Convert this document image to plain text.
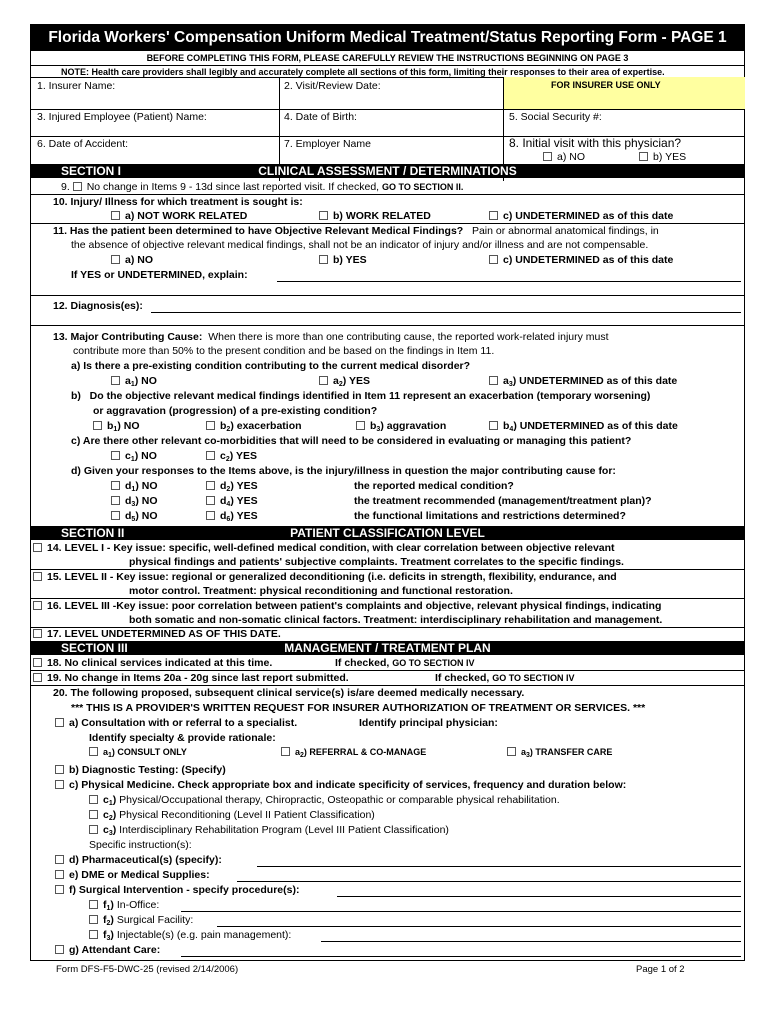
Florida Workers' Compensation Uniform Medical Treatment/Status Reporting Form - PAGE 1
BEFORE COMPLETING THIS FORM, PLEASE CAREFULLY REVIEW THE INSTRUCTIONS BEGINNING ON PAGE 3
NOTE: Health care providers shall legibly and accurately complete all sections of this form, limiting their responses to their area of expertise.
FOR INSURER USE ONLY
1. Insurer Name:	2. Visit/Review Date:
3. Injured Employee (Patient) Name:	4. Date of Birth:	5. Social Security #:
6. Date of Accident:	7. Employer Name	8. Initial visit with this physician?
a) NO	b) YES
SECTION I	CLINICAL ASSESSMENT / DETERMINATIONS
9. No change in Items 9 - 13d since last reported visit. If checked, GO TO SECTION II.
10. Injury/ Illness for which treatment is sought is:
a) NOT WORK RELATED	b) WORK RELATED	c) UNDETERMINED as of this date
11. Has the patient been determined to have Objective Relevant Medical Findings? Pain or abnormal anatomical findings, in
the absence of objective relevant medical findings, shall not be an indicator of injury and/or illness and are not compensable.
a) NO	b) YES	c) UNDETERMINED as of this date
If YES or UNDETERMINED, explain:
12. Diagnosis(es):
13. Major Contributing Cause: When there is more than one contributing cause, the reported work-related injury must
contribute more than 50% to the present condition and be based on the findings in Item 11.
a) Is there a pre-existing condition contributing to the current medical disorder?
$a_1$) NO	$a_2$) YES	$a_3$) UNDETERMINED as of this date
b)   Do the objective relevant medical findings identified in Item 11 represent an exacerbation (temporary worsening)
or aggravation (progression) of a pre-existing condition?
$b_1$) NO	$b_2$) exacerbation	$b_3$) aggravation	$b_4$) UNDETERMINED as of this date
c) Are there other relevant co-morbidities that will need to be considered in evaluating or managing this patient?
$c_1$) NO	$c_2$) YES
d) Given your responses to the Items above, is the injury/illness in question the major contributing cause for:
$d_1$) NO	$d_2$) YES	the reported medical condition?
$d_3$) NO	$d_4$) YES	the treatment recommended (management/treatment plan)?
$d_5$) NO	$d_6$) YES	the functional limitations and restrictions determined?
SECTION II	PATIENT CLASSIFICATION LEVEL
14. LEVEL I - Key issue: specific, well-defined medical condition, with clear correlation between objective relevant
physical findings and patients' subjective complaints. Treatment correlates to the specific findings.
15. LEVEL II - Key issue: regional or generalized deconditioning (i.e. deficits in strength, flexibility, endurance, and
motor control. Treatment: physical reconditioning and functional restoration.
16. LEVEL III -Key issue: poor correlation between patient's complaints and objective, relevant physical findings, indicating
both somatic and non-somatic clinical factors. Treatment: interdisciplinary rehabilitation and management.
17. LEVEL UNDETERMINED AS OF THIS DATE.
SECTION III	MANAGEMENT / TREATMENT PLAN
18. No clinical services indicated at this time.	If checked, GO TO SECTION IV
19. No change in Items 20a - 20g since last report submitted.	If checked, GO TO SECTION IV
20. The following proposed, subsequent clinical service(s) is/are deemed medically necessary.
*** THIS IS A PROVIDER'S WRITTEN REQUEST FOR INSURER AUTHORIZATION OF TREATMENT OR SERVICES. ***
a) Consultation with or referral to a specialist.	Identify principal physician:
Identify specialty & provide rationale:
$a_1$) CONSULT ONLY	$a_2$) REFERRAL & CO-MANAGE	$a_3$) TRANSFER CARE
b) Diagnostic Testing: (Specify)
c) Physical Medicine. Check appropriate box and indicate specificity of services, frequency and duration below:
$c_1$) Physical/Occupational therapy, Chiropractic, Osteopathic or comparable physical rehabilitation.
$c_2$) Physical Reconditioning (Level II Patient Classification)
$c_3$) Interdisciplinary Rehabilitation Program (Level III Patient Classification)
Specific instruction(s):
d) Pharmaceutical(s) (specify):
e) DME or Medical Supplies:
f) Surgical Intervention - specify procedure(s):
$f_1$) In-Office:
$f_2$) Surgical Facility:
$f_3$) Injectable(s) (e.g. pain management):
g) Attendant Care:
Form DFS-F5-DWC-25 (revised 2/14/2006)	Page 1 of 2
